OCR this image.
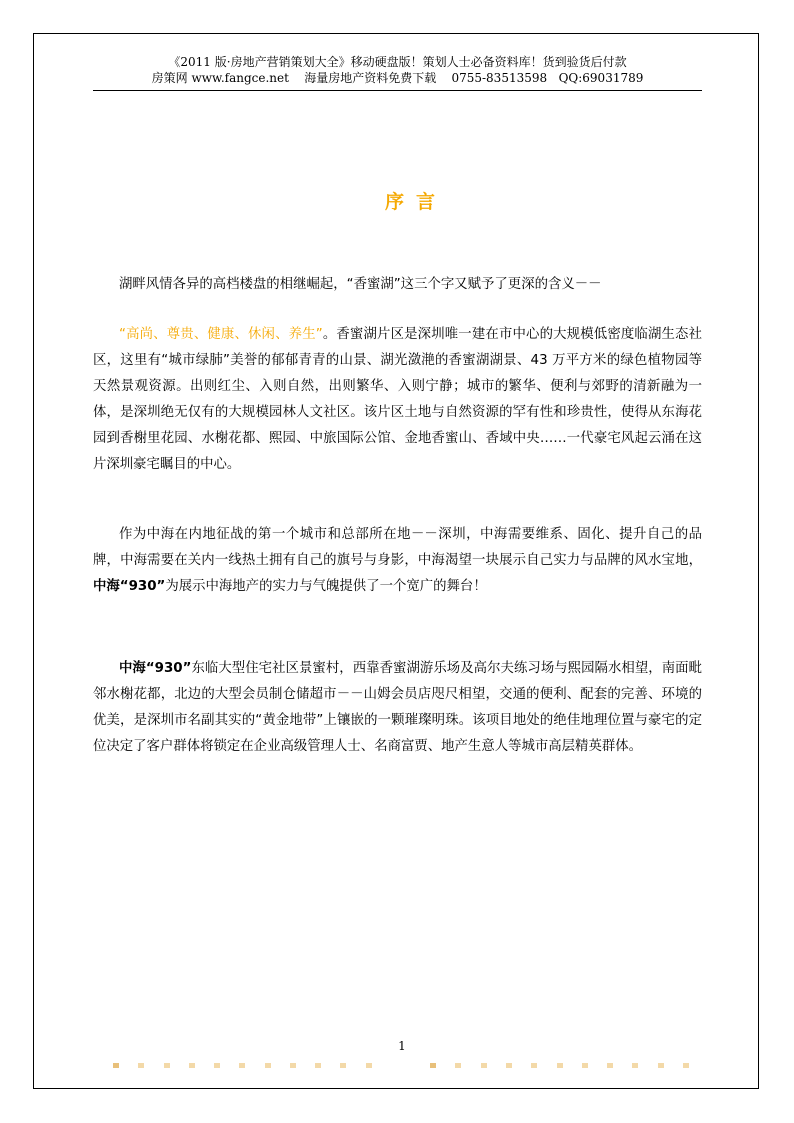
《2011 版·房地产营销策划大全》移动硬盘版！策划人士必备资料库！货到验货后付款
房策网 www.fangce.net    海量房地产资料免费下载    0755-83513598   QQ:69031789
序言
湖畔风情各异的高档楼盘的相继崛起，“香蜜湖”这三个字又赋予了更深的含义－－
“高尚、尊贵、健康、休闲、养生”。香蜜湖片区是深圳唯一建在市中心的大规模低密度临湖生态社区，这里有“城市绿肺”美誉的郁郁青青的山景、湖光潋滟的香蜜湖湖景、43 万平方米的绿色植物园等天然景观资源。出则红尘、入则自然，出则繁华、入则宁静；城市的繁华、便利与郊野的清新融为一体，是深圳绝无仅有的大规模园林人文社区。该片区土地与自然资源的罕有性和珍贵性，使得从东海花园到香榭里花园、水榭花都、熙园、中旅国际公馆、金地香蜜山、香域中央……一代豪宅风起云涌在这片深圳豪宅瞩目的中心。
作为中海在内地征战的第一个城市和总部所在地－－深圳，中海需要维系、固化、提升自己的品牌，中海需要在关内一线热土拥有自己的旗号与身影，中海渴望一块展示自己实力与品牌的风水宝地，中海“930”为展示中海地产的实力与气魄提供了一个宽广的舞台！
中海“930”东临大型住宅社区景蜜村，西靠香蜜湖游乐场及高尔夫练习场与熙园隔水相望，南面毗邻水榭花都，北边的大型会员制仓储超市－－山姆会员店咫尺相望，交通的便利、配套的完善、环境的优美，是深圳市名副其实的“黄金地带”上镶嵌的一颗璀璨明珠。该项目地处的绝佳地理位置与豪宅的定位决定了客户群体将锁定在企业高级管理人士、名商富贾、地产生意人等城市高层精英群体。
1
